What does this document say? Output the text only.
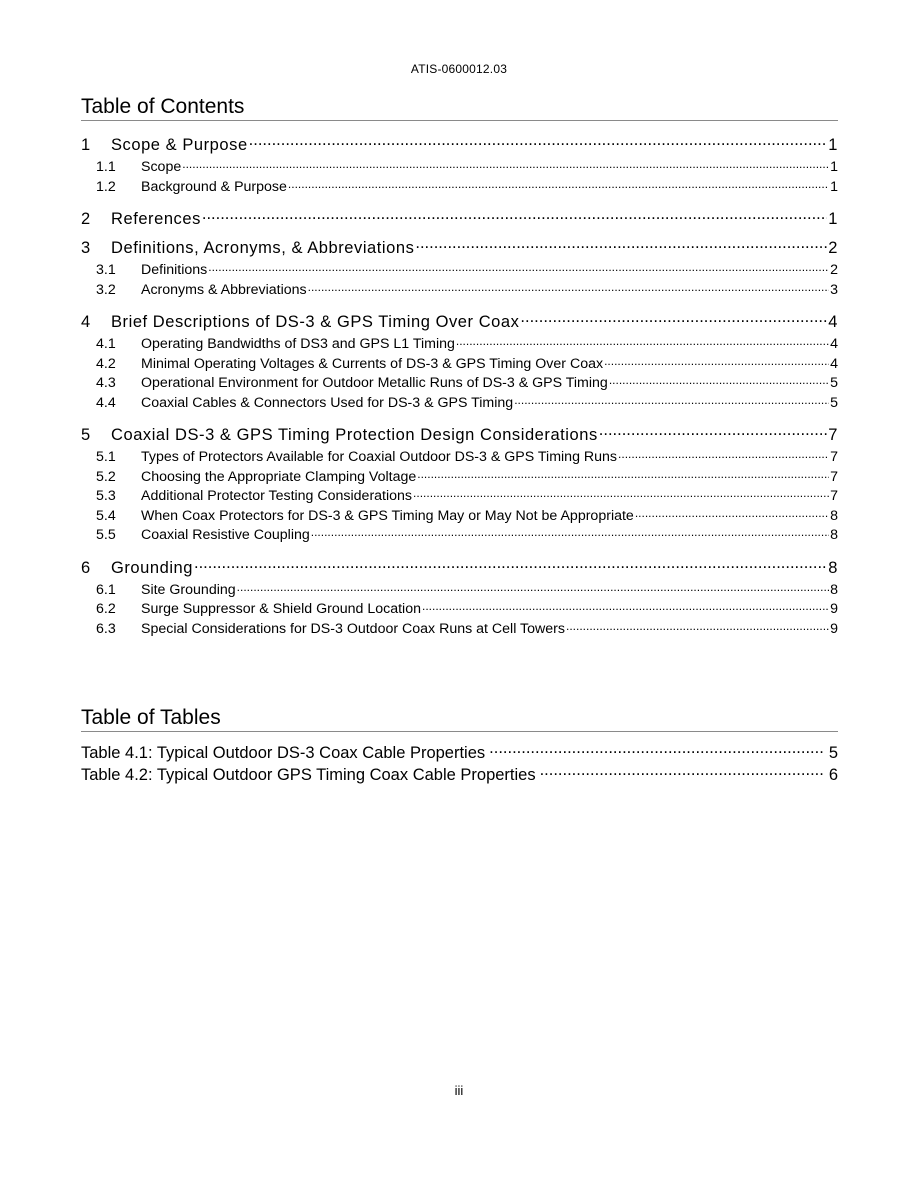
ATIS-0600012.03
Table of Contents
1	Scope & Purpose .....	1
1.1	Scope .....	1
1.2	Background & Purpose .....	1
2	References .....	1
3	Definitions, Acronyms, & Abbreviations .....	2
3.1	Definitions .....	2
3.2	Acronyms & Abbreviations .....	3
4	Brief Descriptions of DS-3 & GPS Timing Over Coax .....	4
4.1	Operating Bandwidths of DS3 and GPS L1 Timing .....	4
4.2	Minimal Operating Voltages & Currents of DS-3 & GPS Timing Over Coax .....	4
4.3	Operational Environment for Outdoor Metallic Runs of DS-3 & GPS Timing .....	5
4.4	Coaxial Cables & Connectors Used for DS-3 & GPS Timing .....	5
5	Coaxial DS-3 & GPS Timing Protection Design Considerations .....	7
5.1	Types of Protectors Available for Coaxial Outdoor DS-3 & GPS Timing Runs .....	7
5.2	Choosing the Appropriate Clamping Voltage .....	7
5.3	Additional Protector Testing Considerations .....	7
5.4	When Coax Protectors for DS-3 & GPS Timing May or May Not be Appropriate .....	8
5.5	Coaxial Resistive Coupling .....	8
6	Grounding .....	8
6.1	Site Grounding .....	8
6.2	Surge Suppressor & Shield Ground Location .....	9
6.3	Special Considerations for DS-3 Outdoor Coax Runs at Cell Towers .....	9
Table of Tables
Table 4.1: Typical Outdoor DS-3 Coax Cable Properties .....	5
Table 4.2: Typical Outdoor GPS Timing Coax Cable Properties .....	6
iii
